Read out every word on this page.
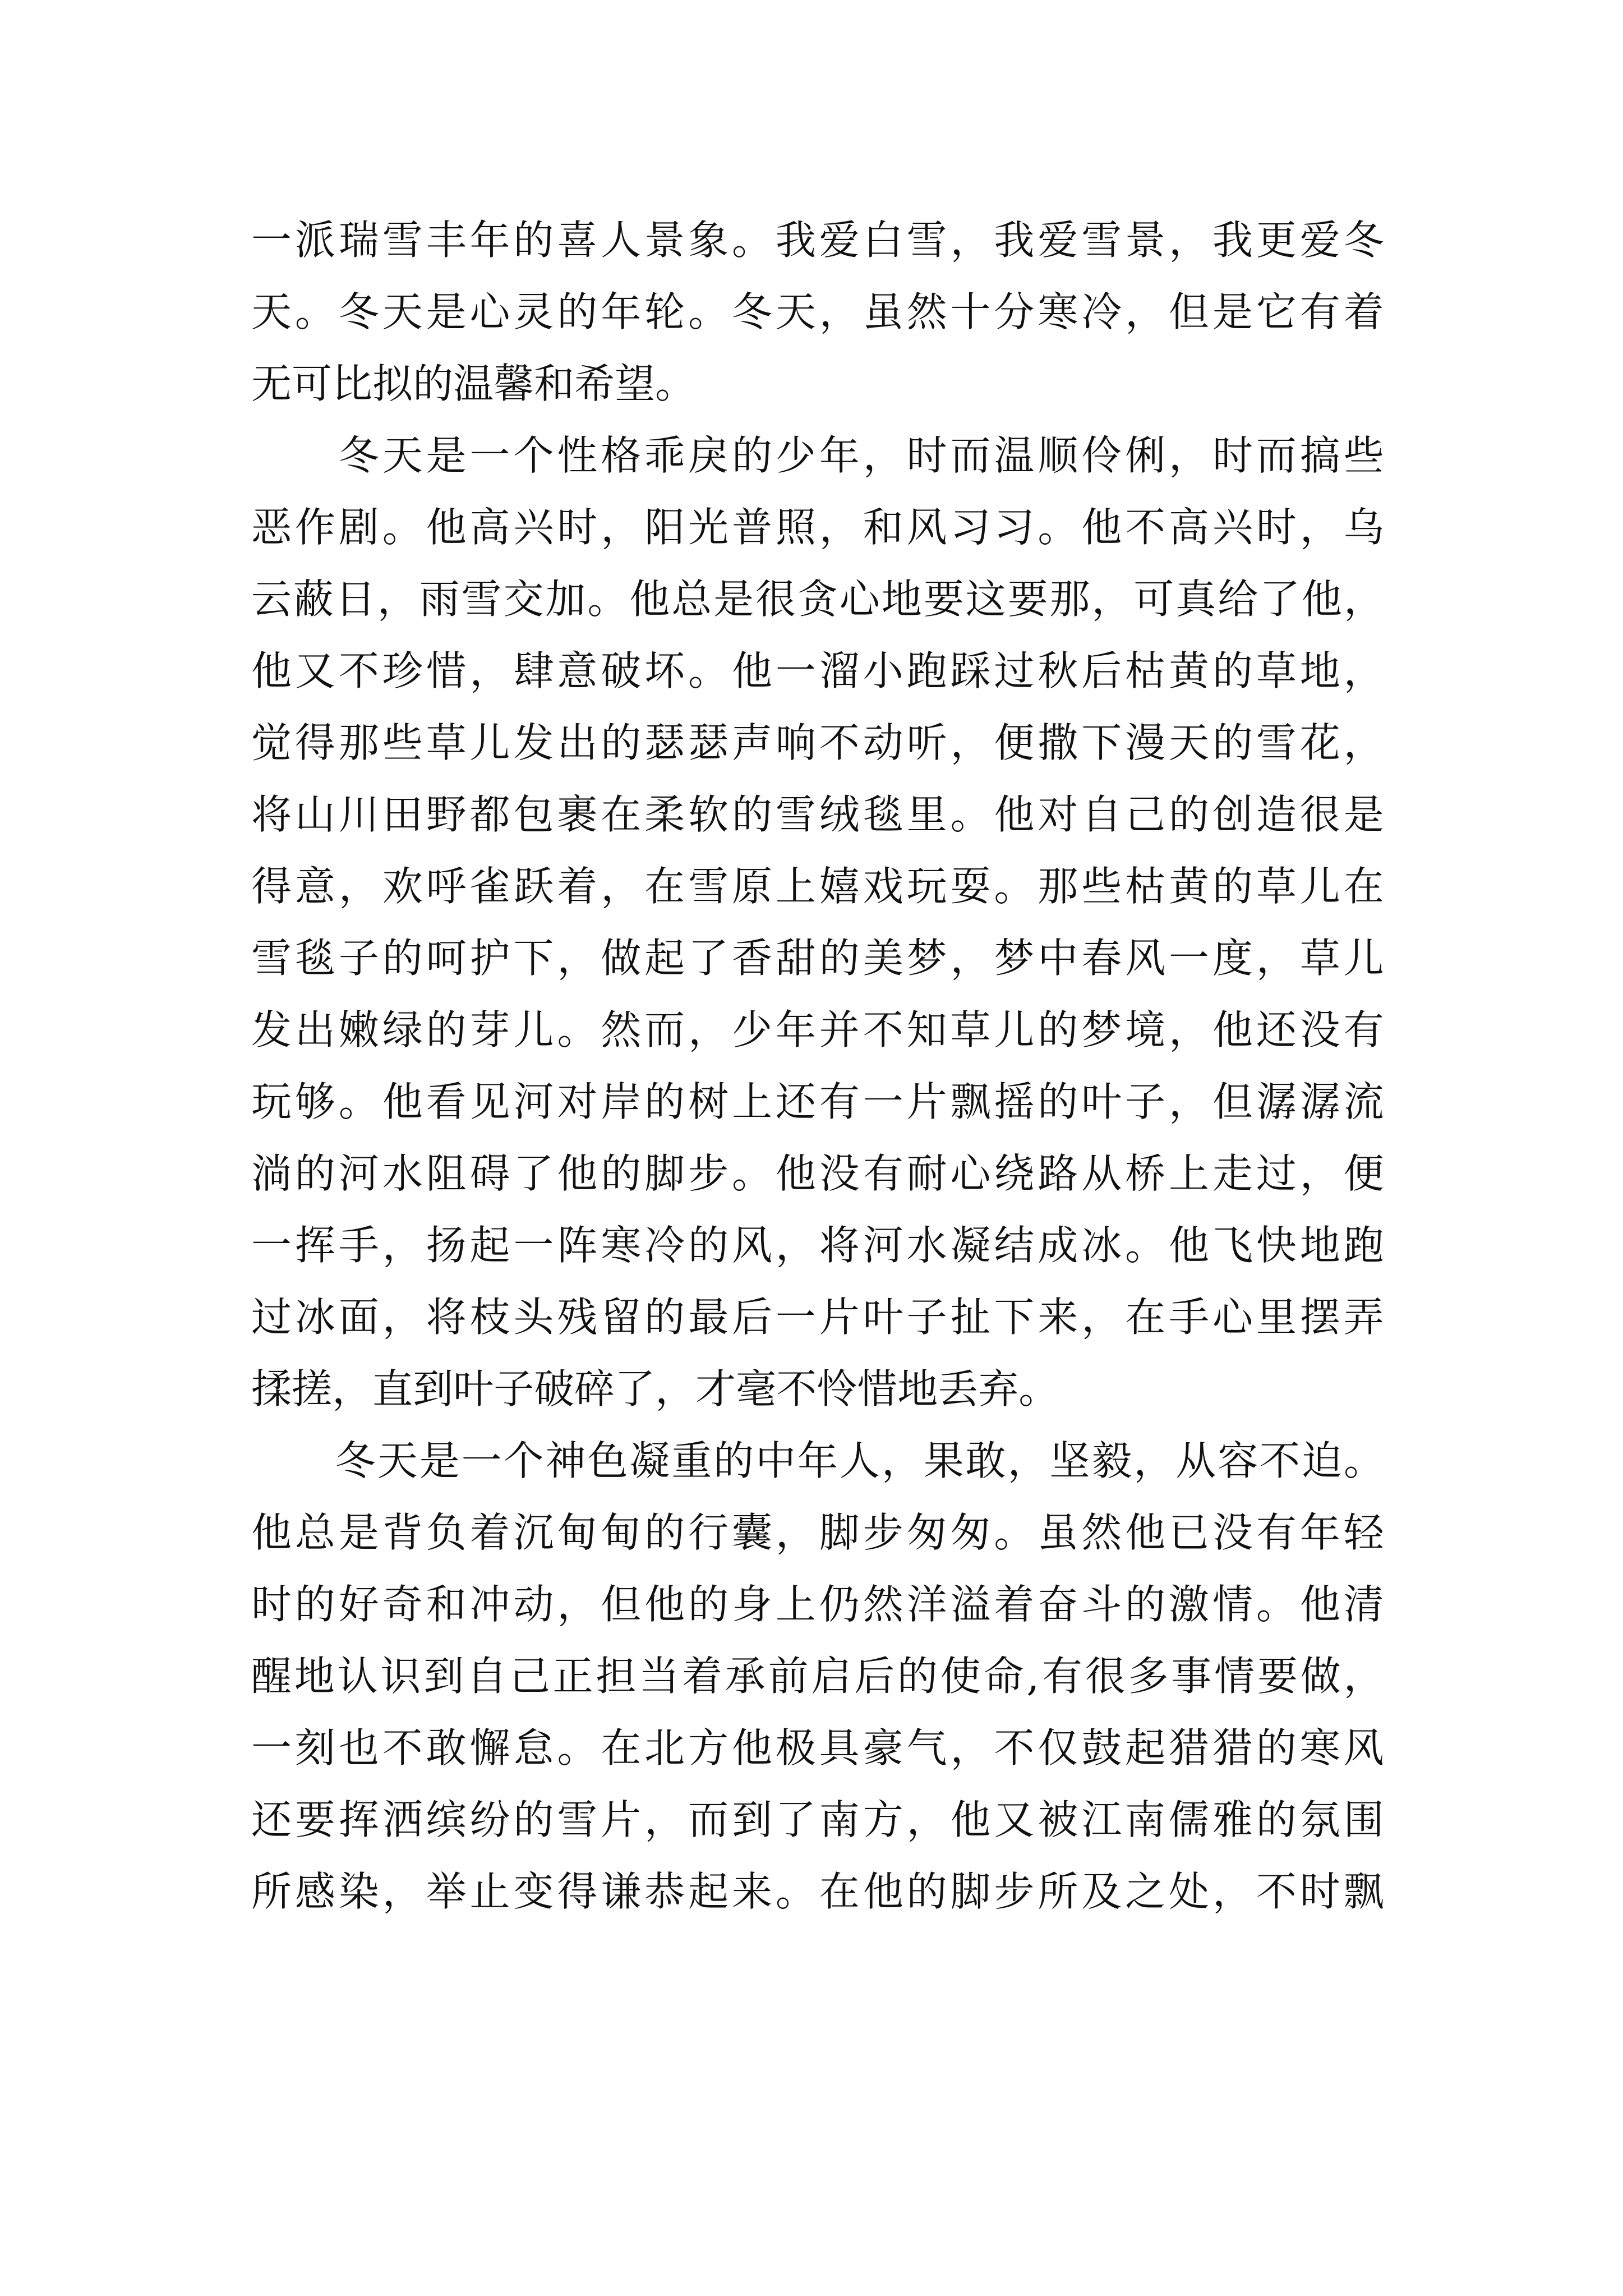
一 派 瑞 雪 丰 年 的 喜 人 景 象 。 我 爱 白 雪 ， 我 爱 雪 景 ， 我 更 爱 冬
天 。 冬 天 是 心 灵 的 年 轮 。 冬 天 ， 虽 然 十 分 寒 冷 ， 但 是 它 有 着
无 可 比 拟 的 温 馨 和 希 望 。

冬 天 是 一 个 性 格 乖 戾 的 少 年 ， 时 而 温 顺 伶 俐 ， 时 而 搞 些
恶 作 剧 。 他 高 兴 时 ， 阳 光 普 照 ， 和 风 习 习 。 他 不 高 兴 时 ， 乌
云 蔽 日 ， 雨 雪 交 加 。 他 总 是 很 贪 心 地 要 这 要 那 ， 可 真 给 了 他 ，
他 又 不 珍 惜 ， 肆 意 破 坏 。 他 一 溜 小 跑 踩 过 秋 后 枯 黄 的 草 地 ，
觉 得 那 些 草 儿 发 出 的 瑟 瑟 声 响 不 动 听 ， 便 撒 下 漫 天 的 雪 花 ，
将 山 川 田 野 都 包 裹 在 柔 软 的 雪 绒 毯 里 。 他 对 自 己 的 创 造 很 是
得 意 ， 欢 呼 雀 跃 着 ， 在 雪 原 上 嬉 戏 玩 耍 。 那 些 枯 黄 的 草 儿 在
雪 毯 子 的 呵 护 下 ， 做 起 了 香 甜 的 美 梦 ， 梦 中 春 风 一 度 ， 草 儿
发 出 嫩 绿 的 芽 儿 。 然 而 ， 少 年 并 不 知 草 儿 的 梦 境 ， 他 还 没 有
玩 够 。 他 看 见 河 对 岸 的 树 上 还 有 一 片 飘 摇 的 叶 子 ， 但 潺 潺 流
淌 的 河 水 阻 碍 了 他 的 脚 步 。 他 没 有 耐 心 绕 路 从 桥 上 走 过 ， 便
一 挥 手 ， 扬 起 一 阵 寒 冷 的 风 ， 将 河 水 凝 结 成 冰 。 他 飞 快 地 跑
过 冰 面 ， 将 枝 头 残 留 的 最 后 一 片 叶 子 扯 下 来 ， 在 手 心 里 摆 弄
揉 搓 ， 直 到 叶 子 破 碎 了 ， 才 毫 不 怜 惜 地 丢 弃 。

冬 天 是 一 个 神 色 凝 重 的 中 年 人 ， 果 敢 ， 坚 毅 ， 从 容 不 迫 。
他 总 是 背 负 着 沉 甸 甸 的 行 囊 ， 脚 步 匆 匆 。 虽 然 他 已 没 有 年 轻
时 的 好 奇 和 冲 动 ， 但 他 的 身 上 仍 然 洋 溢 着 奋 斗 的 激 情 。 他 清
醒 地 认 识 到 自 己 正 担 当 着 承 前 启 后 的 使 命 , 有 很 多 事 情 要 做 ，
一 刻 也 不 敢 懈 怠 。 在 北 方 他 极 具 豪 气 ， 不 仅 鼓 起 猎 猎 的 寒 风
还 要 挥 洒 缤 纷 的 雪 片 ， 而 到 了 南 方 ， 他 又 被 江 南 儒 雅 的 氛 围
所 感 染 ， 举 止 变 得 谦 恭 起 来 。 在 他 的 脚 步 所 及 之 处 ， 不 时 飘
